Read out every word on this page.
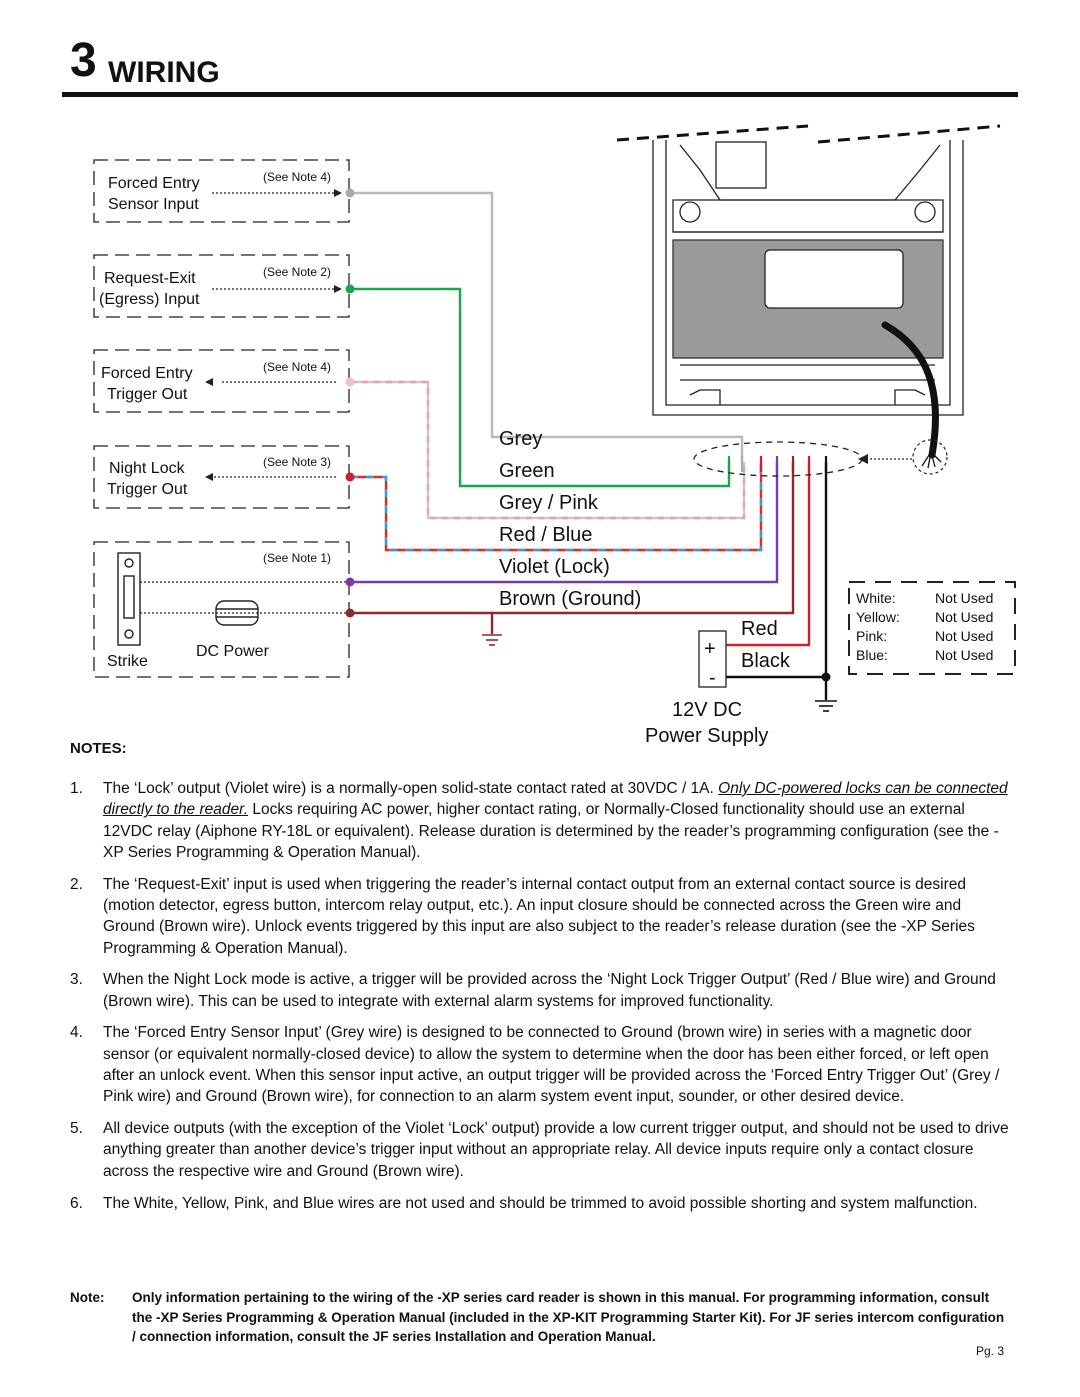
3 WIRING
Forced Entry
Sensor Input
Request-Exit
(Egress) Input
Forced Entry
Trigger Out
Night Lock
Trigger Out
Strike
DC Power
(See Note 4)
(See Note 2)
(See Note 4)
(See Note 3)
(See Note 1)
Grey
Green
Grey / Pink
Red / Blue
Violet (Lock)
Brown (Ground)
+
-
Red
Black
12V DC
Power Supply
White:	Not Used
Yellow:	Not Used
Pink:	Not Used
Blue:	Not Used
NOTES:
1. The ‘Lock’ output (Violet wire) is a normally-open solid-state contact rated at 30VDC / 1A. Only DC-powered locks can be connected directly to the reader. Locks requiring AC power, higher contact rating, or Normally-Closed functionality should use an external 12VDC relay (Aiphone RY-18L or equivalent). Release duration is determined by the reader’s programming configuration (see the -XP Series Programming & Operation Manual).
2. The ‘Request-Exit’ input is used when triggering the reader’s internal contact output from an external contact source is desired (motion detector, egress button, intercom relay output, etc.). An input closure should be connected across the Green wire and Ground (Brown wire). Unlock events triggered by this input are also subject to the reader’s release duration (see the -XP Series Programming & Operation Manual).
3. When the Night Lock mode is active, a trigger will be provided across the ‘Night Lock Trigger Output’ (Red / Blue wire) and Ground (Brown wire). This can be used to integrate with external alarm systems for improved functionality.
4. The ‘Forced Entry Sensor Input’ (Grey wire) is designed to be connected to Ground (brown wire) in series with a magnetic door sensor (or equivalent normally-closed device) to allow the system to determine when the door has been either forced, or left open after an unlock event. When this sensor input active, an output trigger will be provided across the ‘Forced Entry Trigger Out’ (Grey / Pink wire) and Ground (Brown wire), for connection to an alarm system event input, sounder, or other desired device.
5. All device outputs (with the exception of the Violet ‘Lock’ output) provide a low current trigger output, and should not be used to drive anything greater than another device’s trigger input without an appropriate relay. All device inputs require only a contact closure across the respective wire and Ground (Brown wire).
6. The White, Yellow, Pink, and Blue wires are not used and should be trimmed to avoid possible shorting and system malfunction.
Note: Only information pertaining to the wiring of the -XP series card reader is shown in this manual. For programming information, consult the -XP Series Programming & Operation Manual (included in the XP-KIT Programming Starter Kit). For JF series intercom configuration / connection information, consult the JF series Installation and Operation Manual.
Pg. 3
